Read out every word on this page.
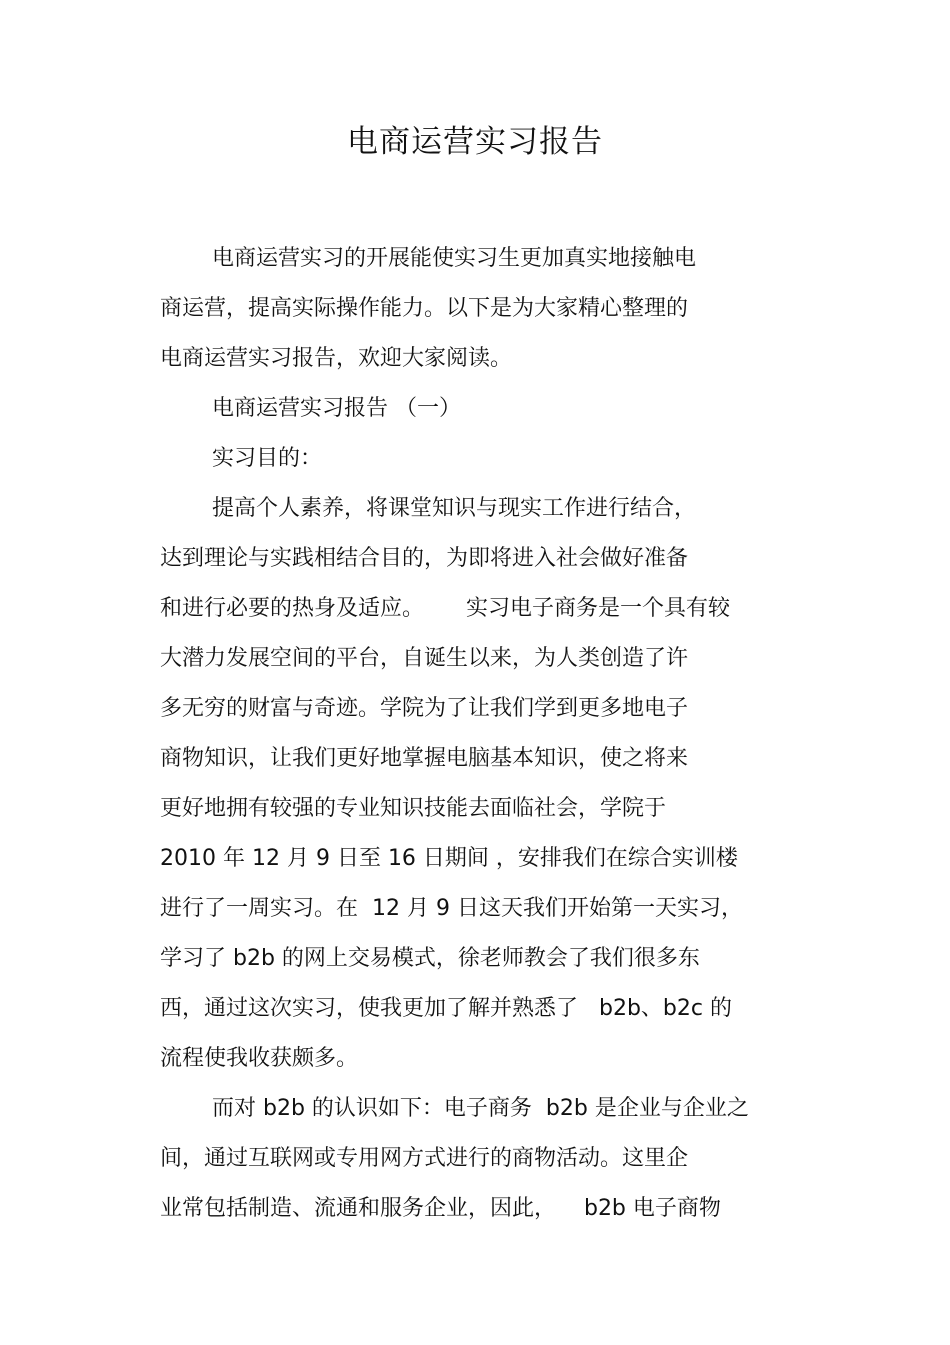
电商运营实习报告
电商运营实习的开展能使实习生更加真实地接触电
商运营，提高实际操作能力。以下是为大家精心整理的
电商运营实习报告，欢迎大家阅读。
电商运营实习报告 （一）
实习目的：
提高个人素养，将课堂知识与现实工作进行结合，
达到理论与实践相结合目的，为即将进入社会做好准备
和进行必要的热身及适应。      实习电子商务是一个具有较
大潜力发展空间的平台，自诞生以来，为人类创造了许
多无穷的财富与奇迹。学院为了让我们学到更多地电子
商物知识，让我们更好地掌握电脑基本知识，使之将来
更好地拥有较强的专业知识技能去面临社会，学院于
2010 年 12 月 9 日至 16 日期间 ，安排我们在综合实训楼
进行了一周实习。在  12 月 9 日这天我们开始第一天实习，
学习了 b2b 的网上交易模式，徐老师教会了我们很多东
西，通过这次实习，使我更加了解并熟悉了   b2b、b2c 的
流程使我收获颇多。
而对 b2b 的认识如下：电子商务  b2b 是企业与企业之
间，通过互联网或专用网方式进行的商物活动。这里企
业常包括制造、流通和服务企业，因此，    b2b 电子商物
